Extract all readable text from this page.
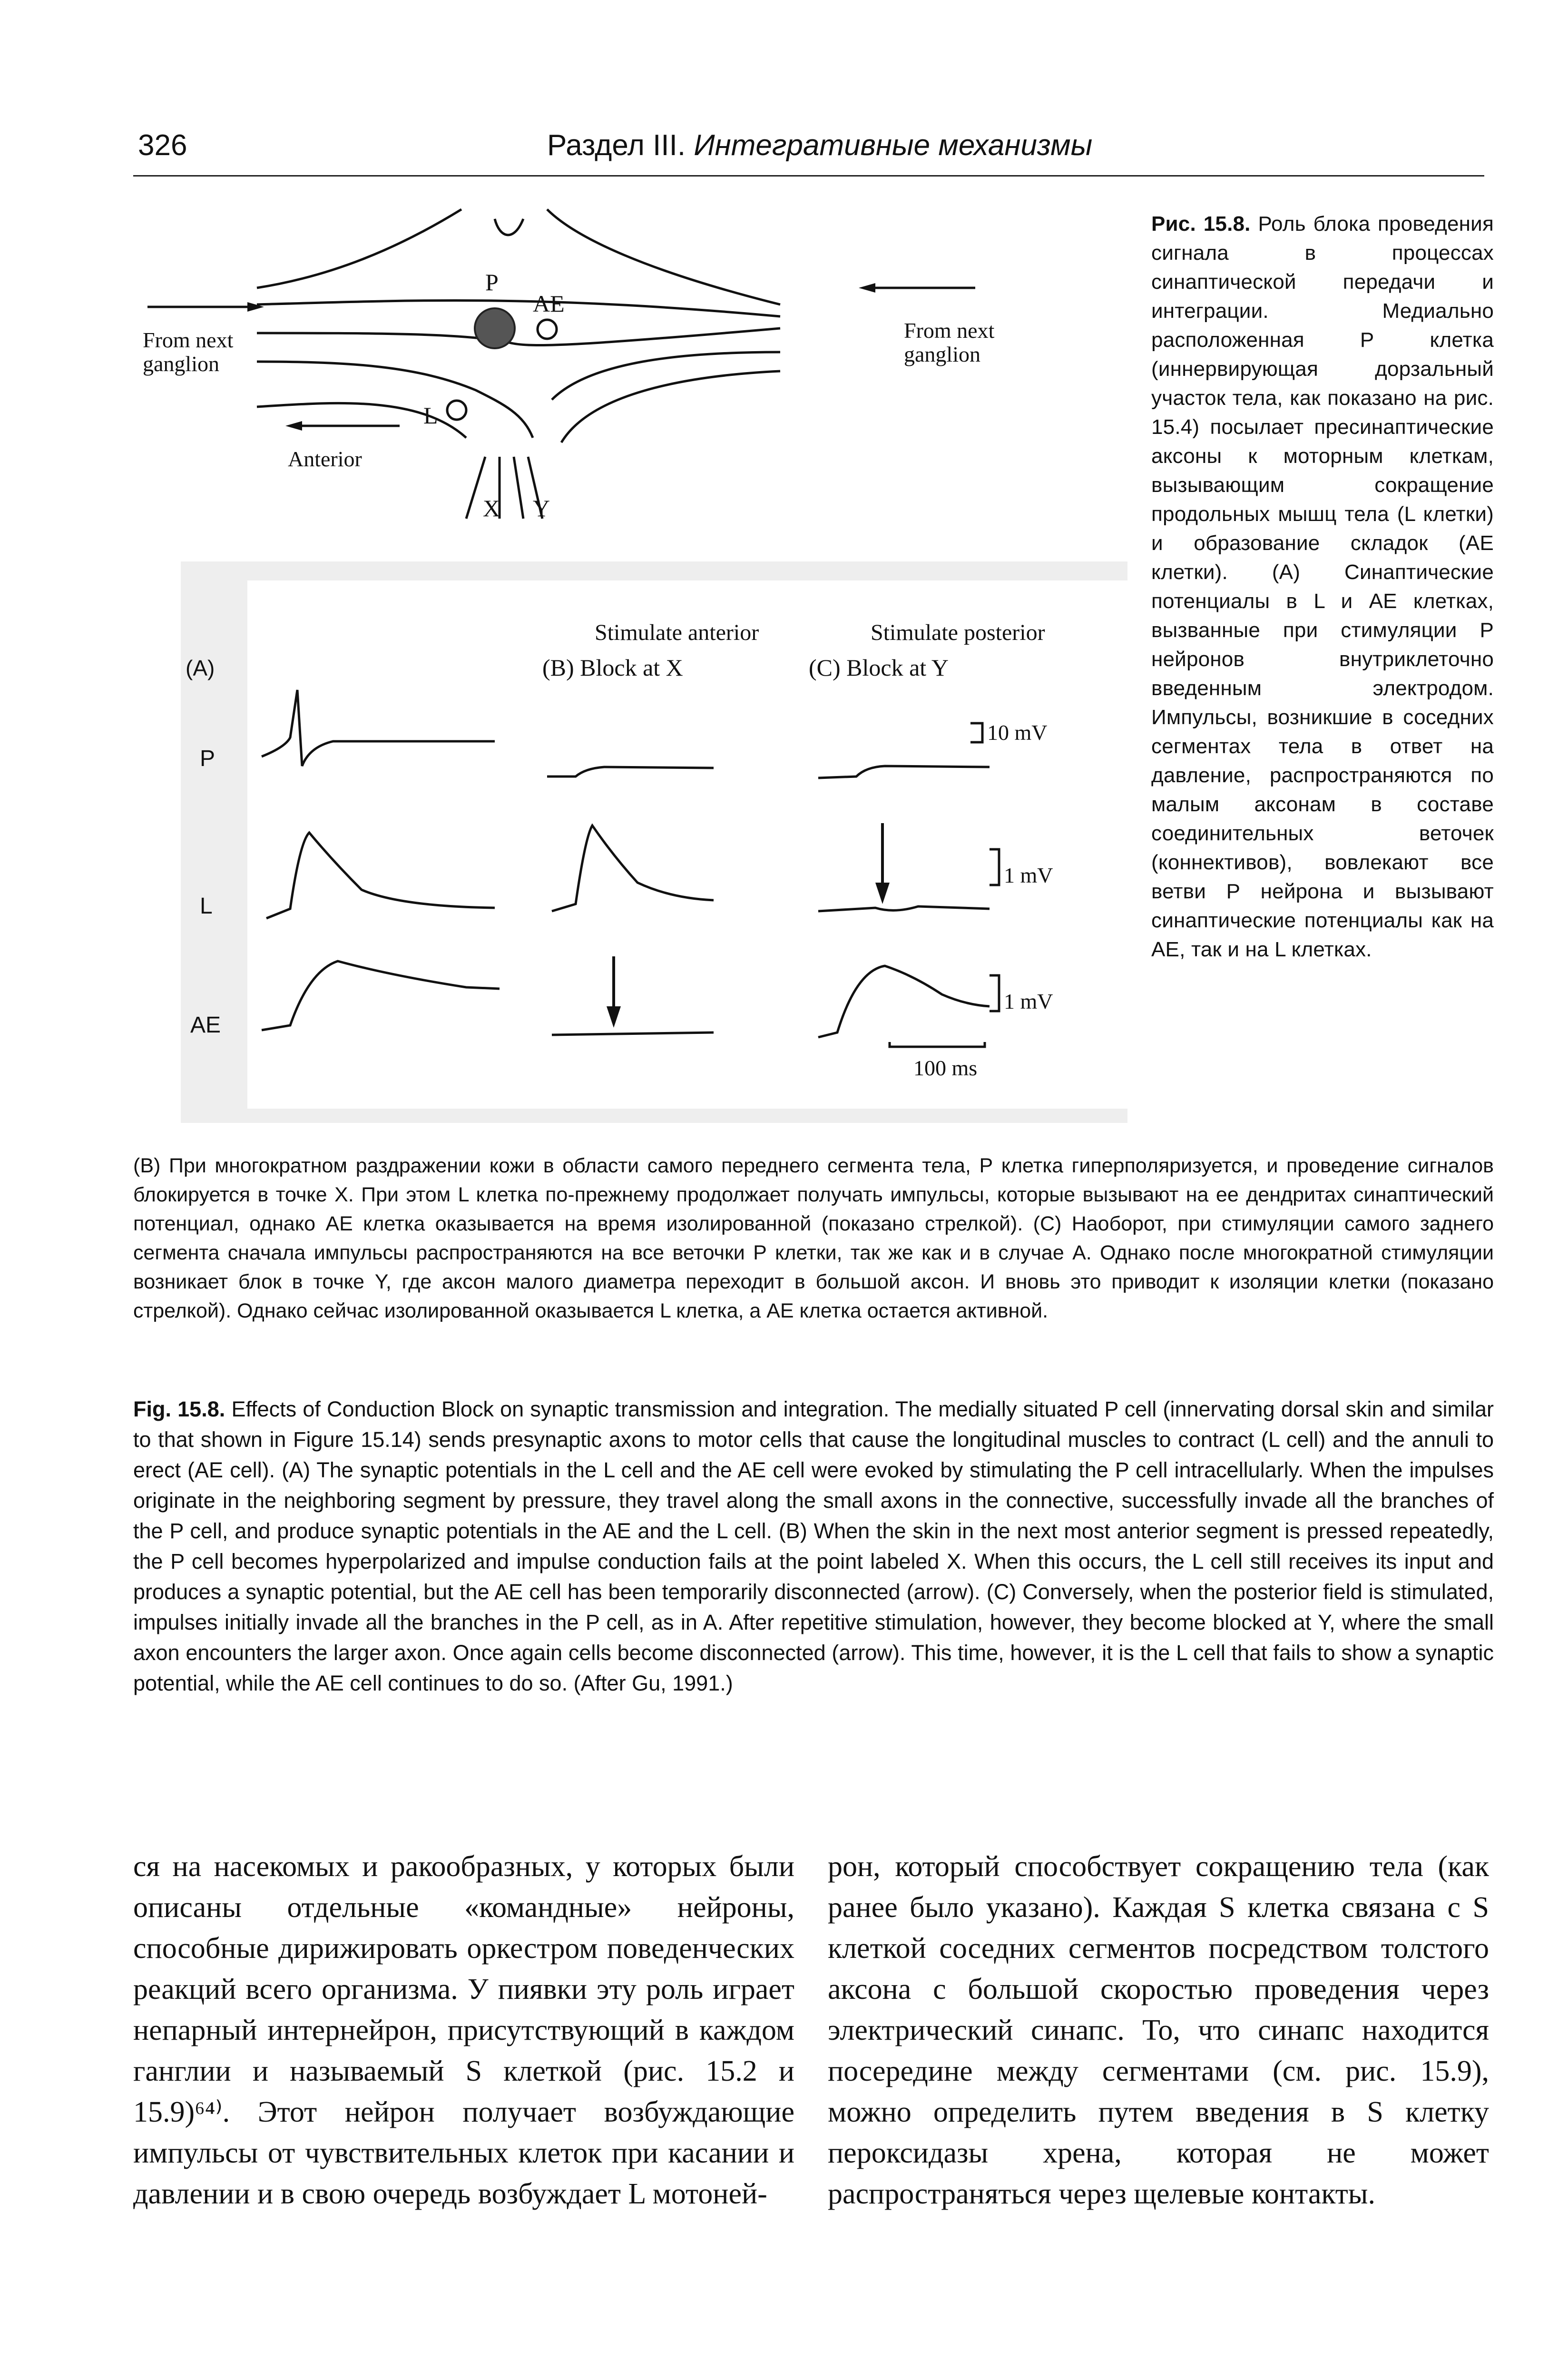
326	Раздел III. Интегративные механизмы
From next
ganglion
From next
ganglion
Anterior
P
AE
L
X Y
Stimulate anterior	Stimulate posterior
(A)	(B) Block at X	(C) Block at Y
P
L
AE
10 mV
1 mV
1 mV
100 ms
Рис. 15.8. Роль блока проведения сигнала в процессах синаптической передачи и интеграции. Медиально расположенная Р клетка (иннервирующая дорзальный участок тела, как показано на рис. 15.4) посылает пресинаптические аксоны к моторным клеткам, вызывающим сокращение продольных мышц тела (L клетки) и образование складок (АЕ клетки). (А) Синаптические потенциалы в L и АЕ клетках, вызванные при стимуляции Р нейронов внутриклеточно введенным электродом. Импульсы, возникшие в соседних сегментах тела в ответ на давление, распространяются по малым аксонам в составе соединительных веточек (коннективов), вовлекают все ветви Р нейрона и вызывают синаптические потенциалы как на АЕ, так и на L клетках.
(В) При многократном раздражении кожи в области самого переднего сегмента тела, Р клетка гиперполяризуется, и проведение сигналов блокируется в точке X. При этом L клетка по-прежнему продолжает получать импульсы, которые вызывают на ее дендритах синаптический потенциал, однако АЕ клетка оказывается на время изолированной (показано стрелкой). (С) Наоборот, при стимуляции самого заднего сегмента сначала импульсы распространяются на все веточки Р клетки, так же как и в случае А. Однако после многократной стимуляции возникает блок в точке Y, где аксон малого диаметра переходит в большой аксон. И вновь это приводит к изоляции клетки (показано стрелкой). Однако сейчас изолированной оказывается L клетка, а АЕ клетка остается активной.
Fig. 15.8. Effects of Conduction Block on synaptic transmission and integration. The medially situated P cell (innervating dorsal skin and similar to that shown in Figure 15.14) sends presynaptic axons to motor cells that cause the longitudinal muscles to contract (L cell) and the annuli to erect (AE cell). (A) The synaptic potentials in the L cell and the AE cell were evoked by stimulating the P cell intracellularly. When the impulses originate in the neighboring segment by pressure, they travel along the small axons in the connective, successfully invade all the branches of the P cell, and produce synaptic potentials in the AE and the L cell. (B) When the skin in the next most anterior segment is pressed repeatedly, the P cell becomes hyperpolarized and impulse conduction fails at the point labeled X. When this occurs, the L cell still receives its input and produces a synaptic potential, but the AE cell has been temporarily disconnected (arrow). (C) Conversely, when the posterior field is stimulated, impulses initially invade all the branches in the P cell, as in A. After repetitive stimulation, however, they become blocked at Y, where the small axon encounters the larger axon. Once again cells become disconnected (arrow). This time, however, it is the L cell that fails to show a synaptic potential, while the AE cell continues to do so. (After Gu, 1991.)
ся на насекомых и ракообразных, у которых были описаны отдельные «командные» нейроны, способные дирижировать оркестром поведенческих реакций всего организма. У пиявки эту роль играет непарный интернейрон, присутствующий в каждом ганглии и называемый S клеткой (рис. 15.2 и 15.9)⁶⁴⁾. Этот нейрон получает возбуждающие импульсы от чувствительных клеток при касании и давлении и в свою очередь возбуждает L мотоней-
рон, который способствует сокращению тела (как ранее было указано). Каждая S клетка связана с S клеткой соседних сегментов посредством толстого аксона с большой скоростью проведения через электрический синапс. То, что синапс находится посередине между сегментами (см. рис. 15.9), можно определить путем введения в S клетку пероксидазы хрена, которая не может распространяться через щелевые контакты.
